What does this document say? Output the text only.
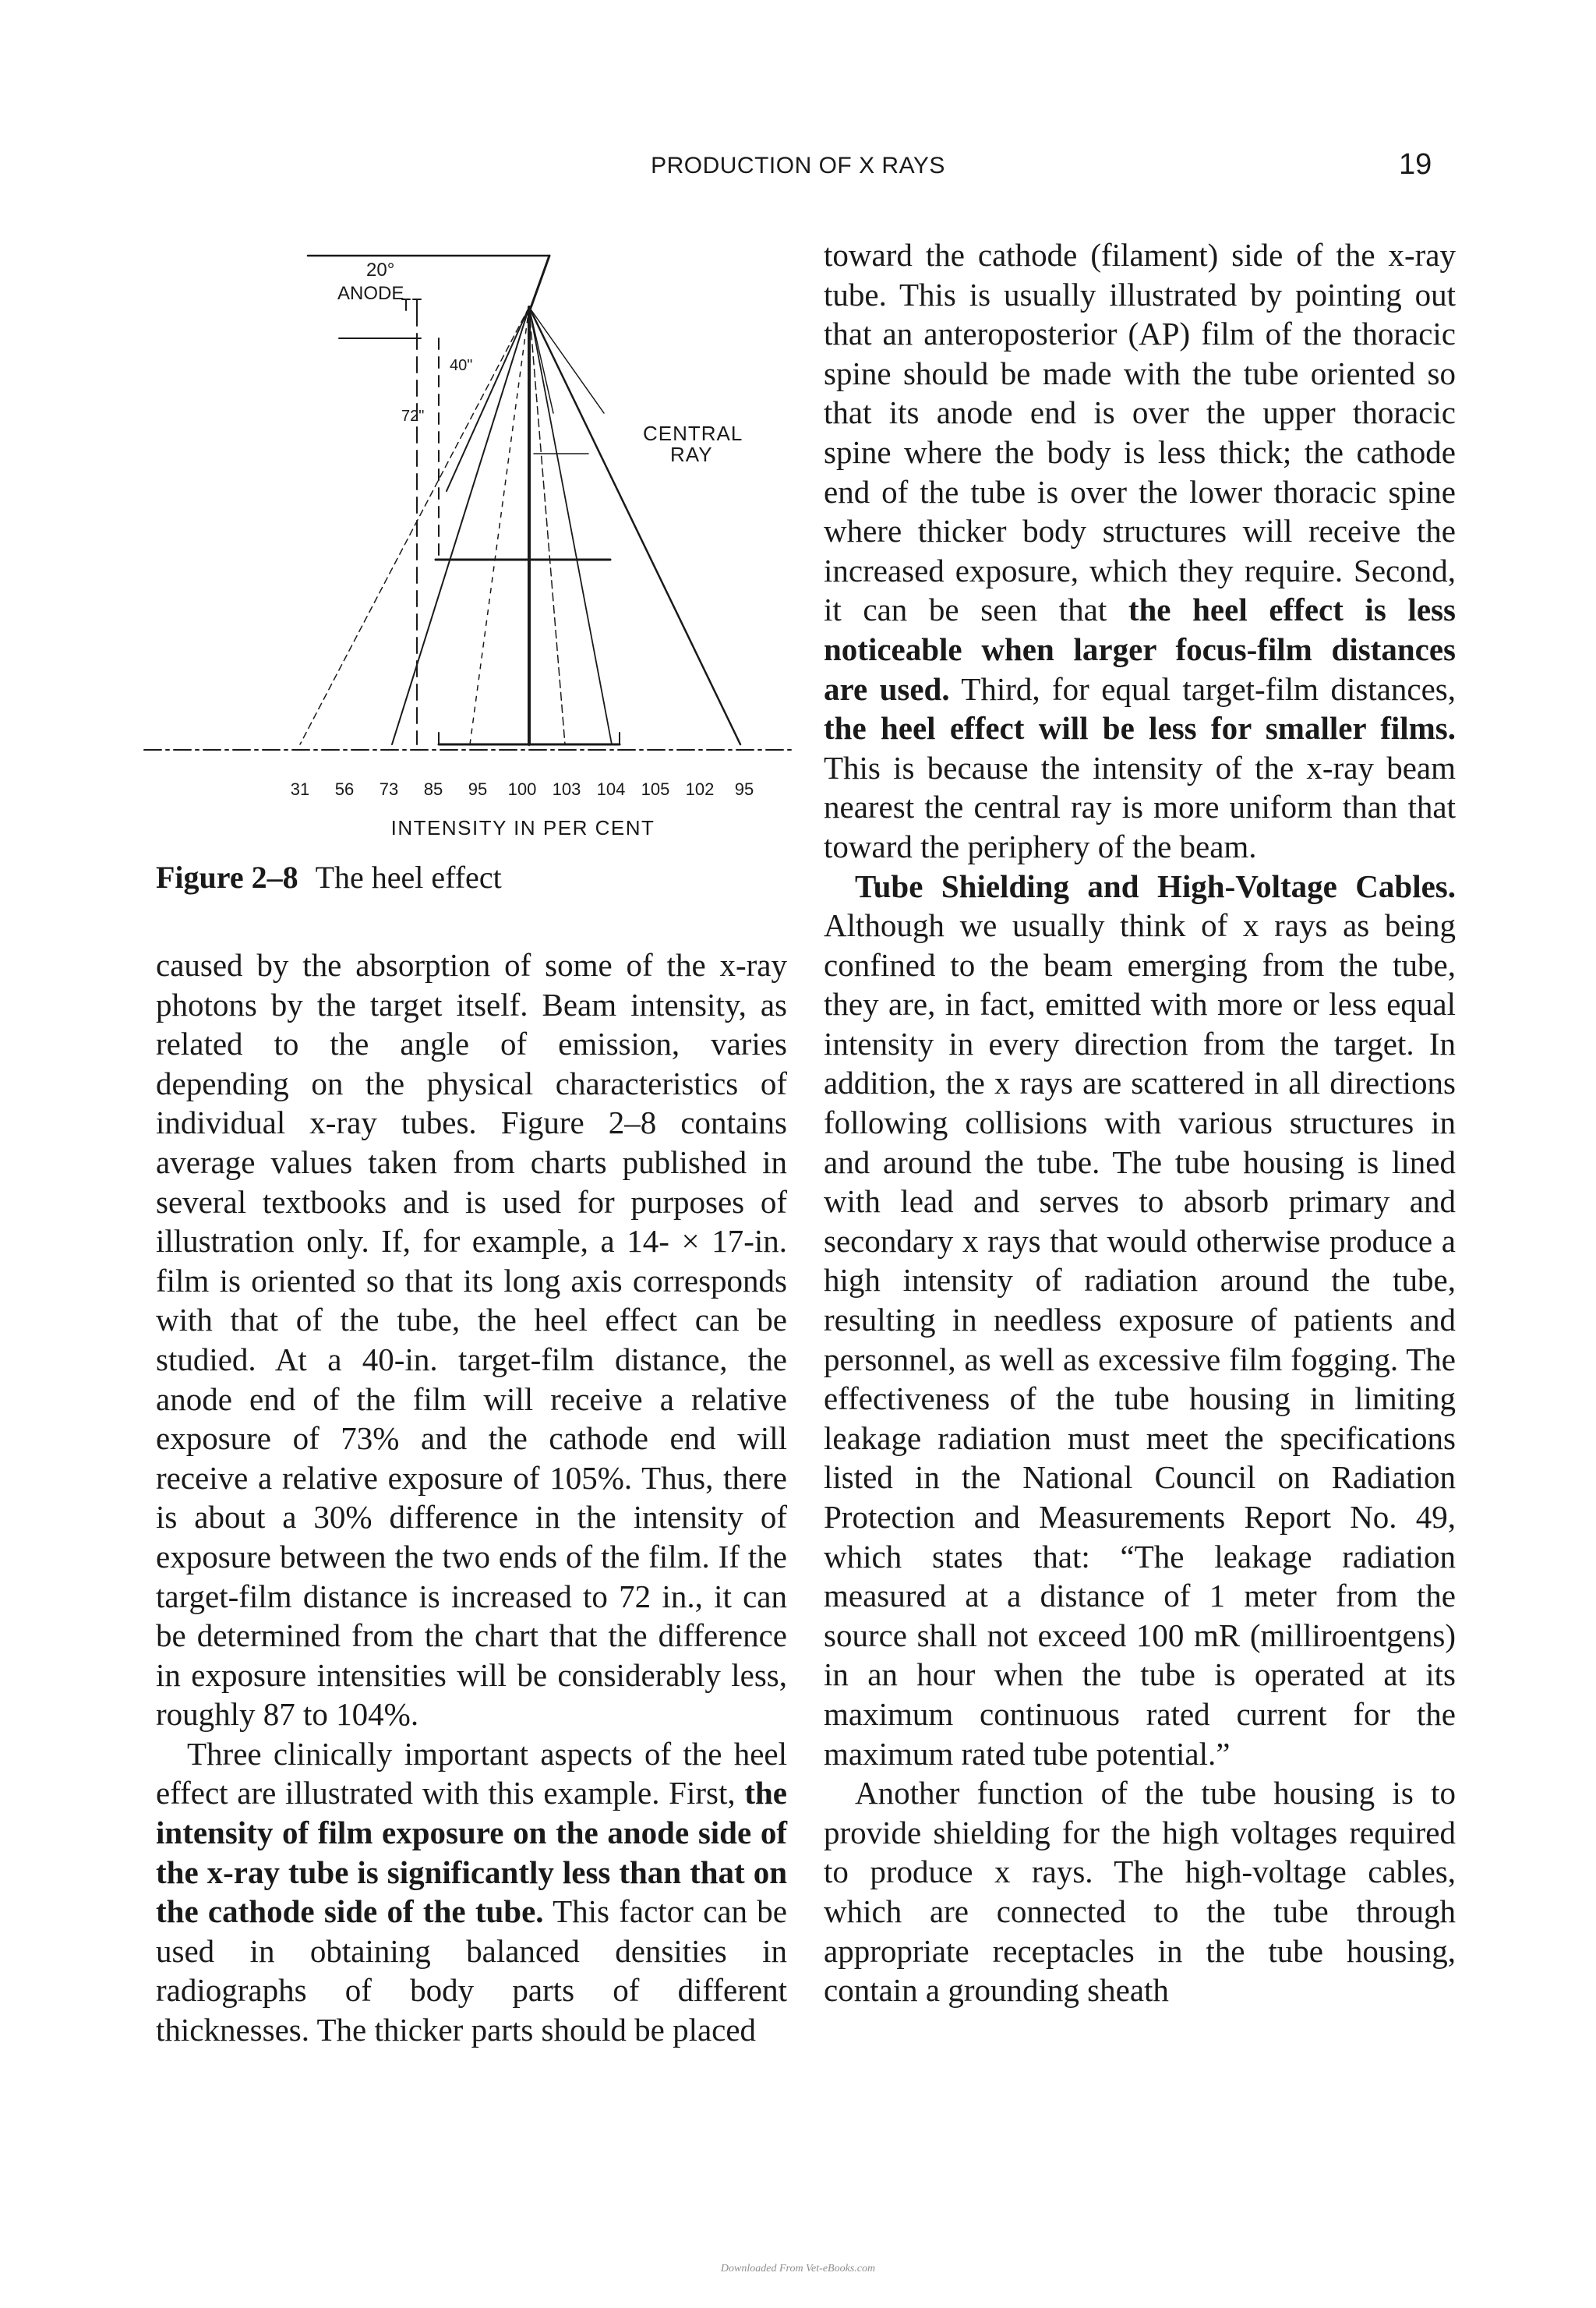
PRODUCTION OF X RAYS	19
20°
ANODE
40"
72"
CENTRAL
RAY
31 56 73 85 95 100 103 104 105 102 95
INTENSITY IN PER CENT
Figure 2–8 The heel effect

caused by the absorption of some of the x-ray photons by the target itself. Beam intensity, as related to the angle of emission, varies depending on the physical characteristics of individual x-ray tubes. Figure 2–8 contains average values taken from charts published in several textbooks and is used for purposes of illustration only. If, for example, a 14- × 17-in. film is oriented so that its long axis corresponds with that of the tube, the heel effect can be studied. At a 40-in. target-film distance, the anode end of the film will receive a relative exposure of 73% and the cathode end will receive a relative exposure of 105%. Thus, there is about a 30% difference in the intensity of exposure between the two ends of the film. If the target-film distance is increased to 72 in., it can be determined from the chart that the difference in exposure intensities will be considerably less, roughly 87 to 104%.

Three clinically important aspects of the heel effect are illustrated with this example. First, the intensity of film exposure on the anode side of the x-ray tube is significantly less than that on the cathode side of the tube. This factor can be used in obtaining balanced densities in radiographs of body parts of different thicknesses. The thicker parts should be placed

toward the cathode (filament) side of the x-ray tube. This is usually illustrated by pointing out that an anteroposterior (AP) film of the thoracic spine should be made with the tube oriented so that its anode end is over the upper thoracic spine where the body is less thick; the cathode end of the tube is over the lower thoracic spine where thicker body structures will receive the increased exposure, which they require. Second, it can be seen that the heel effect is less noticeable when larger focus-film distances are used. Third, for equal target-film distances, the heel effect will be less for smaller films. This is because the intensity of the x-ray beam nearest the central ray is more uniform than that toward the periphery of the beam.

Tube Shielding and High-Voltage Cables. Although we usually think of x rays as being confined to the beam emerging from the tube, they are, in fact, emitted with more or less equal intensity in every direction from the target. In addition, the x rays are scattered in all directions following collisions with various structures in and around the tube. The tube housing is lined with lead and serves to absorb primary and secondary x rays that would otherwise produce a high intensity of radiation around the tube, resulting in needless exposure of patients and personnel, as well as excessive film fogging. The effectiveness of the tube housing in limiting leakage radiation must meet the specifications listed in the National Council on Radiation Protection and Measurements Report No. 49, which states that: “The leakage radiation measured at a distance of 1 meter from the source shall not exceed 100 mR (milliroentgens) in an hour when the tube is operated at its maximum continuous rated current for the maximum rated tube potential.”

Another function of the tube housing is to provide shielding for the high voltages required to produce x rays. The high-voltage cables, which are connected to the tube through appropriate receptacles in the tube housing, contain a grounding sheath

Downloaded From Vet-eBooks.com
